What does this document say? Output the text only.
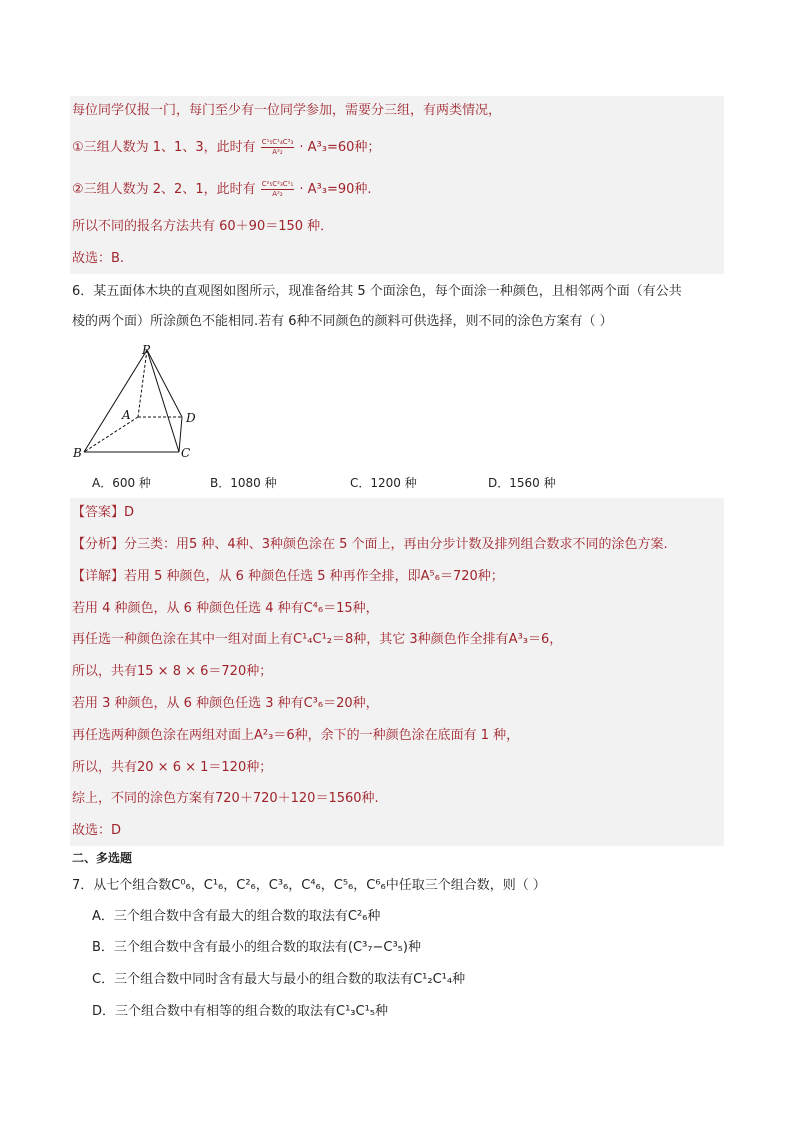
每位同学仅报一门，每门至少有一位同学参加，需要分三组，有两类情况，
①三组人数为 1、1、3，此时有 $\frac{\text{C¹₅C¹₄C³₃}}{\text{A²₂}} \cdot A^3_3=60$种；
②三组人数为 2、2、1，此时有 $\frac{\text{C²₅C²₃C¹₁}}{\text{A²₂}} \cdot A^3_3=90$种.
所以不同的报名方法共有 60＋90＝150 种．
故选：B.
6．某五面体木块的直观图如图所示，现准备给其 5 个面涂色，每个面涂一种颜色，且相邻两个面（有公共
棱的两个面）所涂颜色不能相同.若有 6种不同颜色的颜料可供选择，则不同的涂色方案有（ ）
P
A
B	C
D
A．600 种	B．1080 种	C．1200 种	D．1560 种
【答案】D
【分析】分三类：用5 种、4种、3种颜色涂在 5 个面上，再由分步计数及排列组合数求不同的涂色方案.
【详解】若用 5 种颜色，从 6 种颜色任选 5 种再作全排，即A⁵₆＝720种；
若用 4 种颜色，从 6 种颜色任选 4 种有C⁴₆＝15种，
再任选一种颜色涂在其中一组对面上有C¹₄C¹₂＝8种，其它 3种颜色作全排有A³₃＝6，
所以，共有15 × 8 × 6＝720种；
若用 3 种颜色，从 6 种颜色任选 3 种有C³₆＝20种，
再任选两种颜色涂在两组对面上A²₃＝6种，余下的一种颜色涂在底面有 1 种，
所以，共有20 × 6 × 1＝120种；
综上，不同的涂色方案有720＋720＋120＝1560种.
故选：D
二、多选题
7．从七个组合数C⁰₆，C¹₆，C²₆，C³₆，C⁴₆，C⁵₆，C⁶₆中任取三个组合数，则（ ）
A．三个组合数中含有最大的组合数的取法有C²₆种
B．三个组合数中含有最小的组合数的取法有(C³₇−C³₅)种
C．三个组合数中同时含有最大与最小的组合数的取法有C¹₂C¹₄种
D．三个组合数中有相等的组合数的取法有C¹₃C¹₅种
